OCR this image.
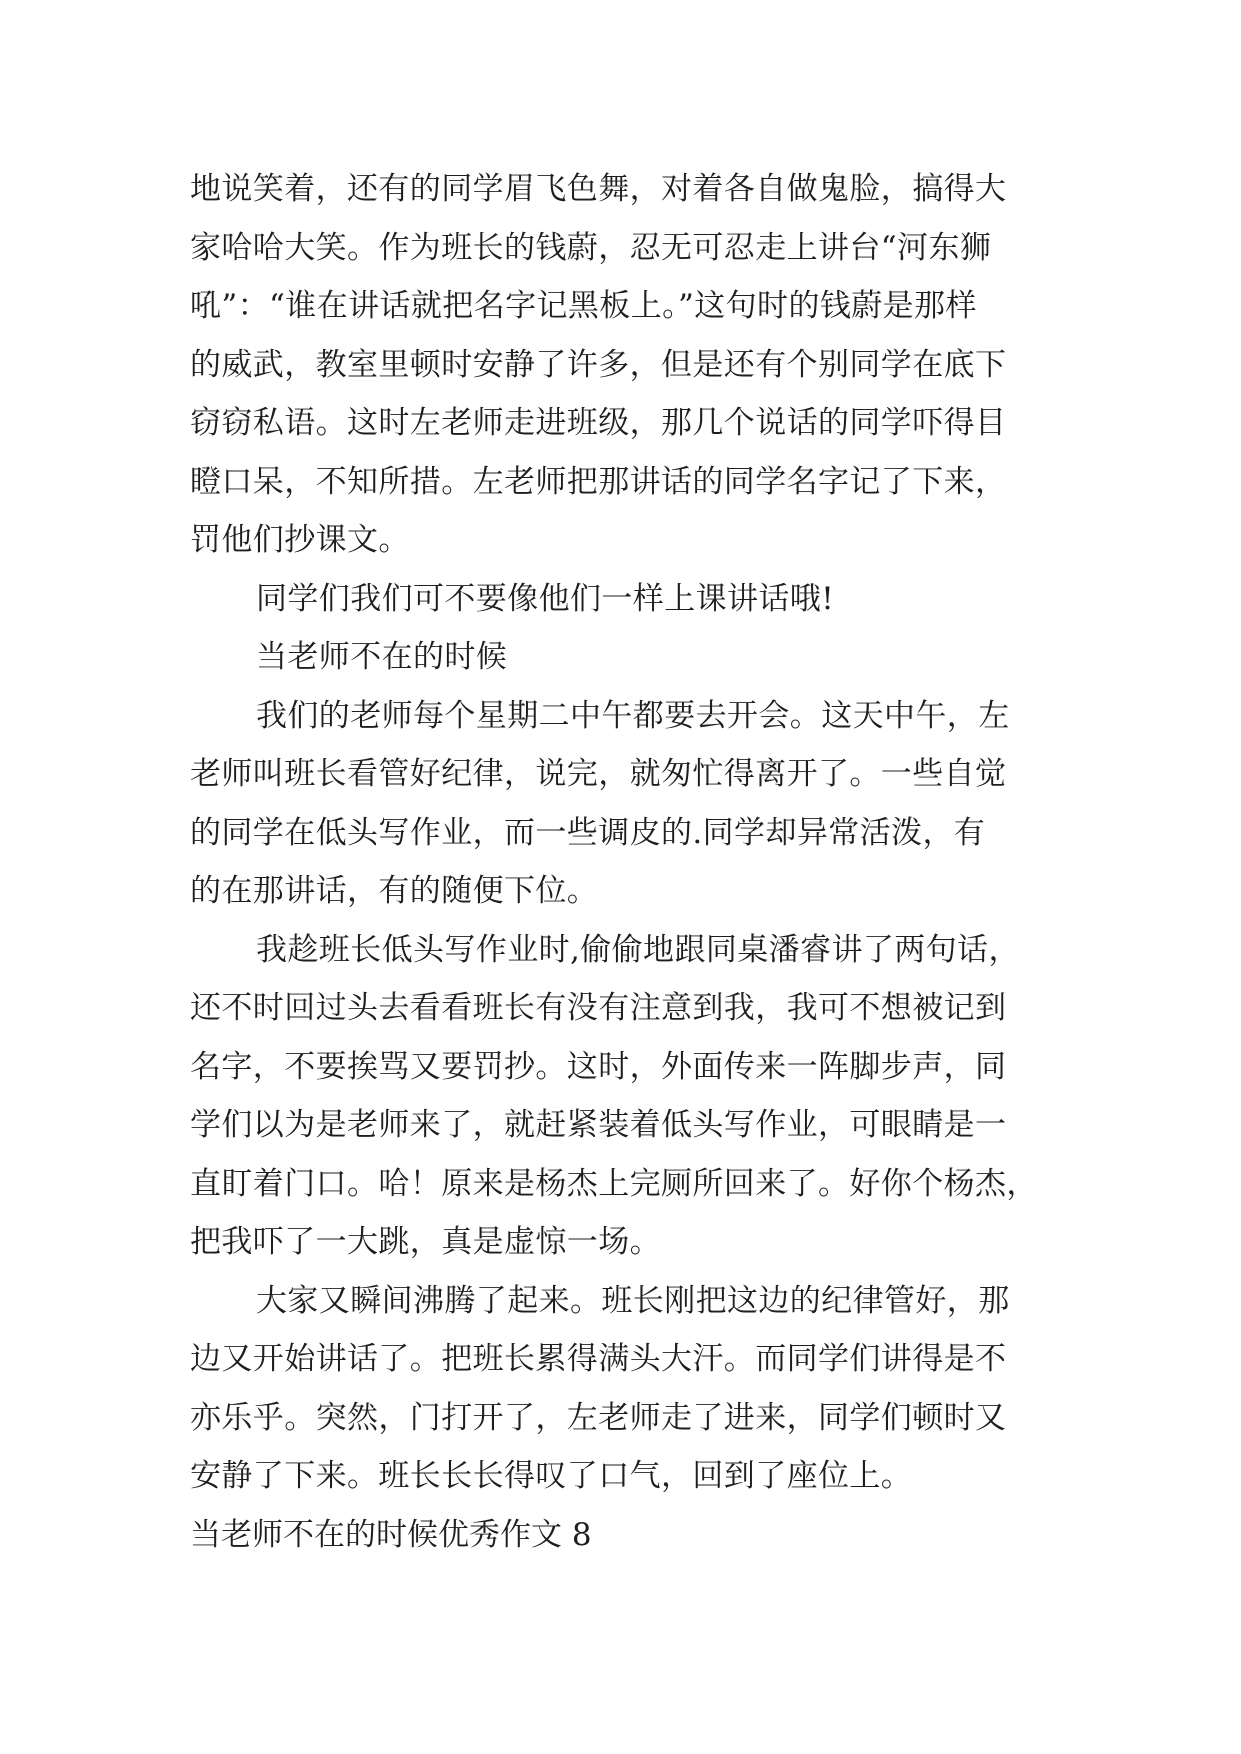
地说笑着，还有的同学眉飞色舞，对着各自做鬼脸，搞得大
家哈哈大笑。作为班长的钱蔚，忍无可忍走上讲台“河东狮
吼”：“谁在讲话就把名字记黑板上。”这句时的钱蔚是那样
的威武，教室里顿时安静了许多，但是还有个别同学在底下
窃窃私语。这时左老师走进班级，那几个说话的同学吓得目
瞪口呆，不知所措。左老师把那讲话的同学名字记了下来，
罚他们抄课文。
同学们我们可不要像他们一样上课讲话哦!
当老师不在的时候
我们的老师每个星期二中午都要去开会。这天中午，左
老师叫班长看管好纪律，说完，就匆忙得离开了。一些自觉
的同学在低头写作业，而一些调皮的.同学却异常活泼，有
的在那讲话，有的随便下位。
我趁班长低头写作业时,偷偷地跟同桌潘睿讲了两句话，
还不时回过头去看看班长有没有注意到我，我可不想被记到
名字，不要挨骂又要罚抄。这时，外面传来一阵脚步声，同
学们以为是老师来了，就赶紧装着低头写作业，可眼睛是一
直盯着门口。哈！原来是杨杰上完厕所回来了。好你个杨杰，
把我吓了一大跳，真是虚惊一场。
大家又瞬间沸腾了起来。班长刚把这边的纪律管好，那
边又开始讲话了。把班长累得满头大汗。而同学们讲得是不
亦乐乎。突然，门打开了，左老师走了进来，同学们顿时又
安静了下来。班长长长得叹了口气，回到了座位上。
当老师不在的时候优秀作文 8
